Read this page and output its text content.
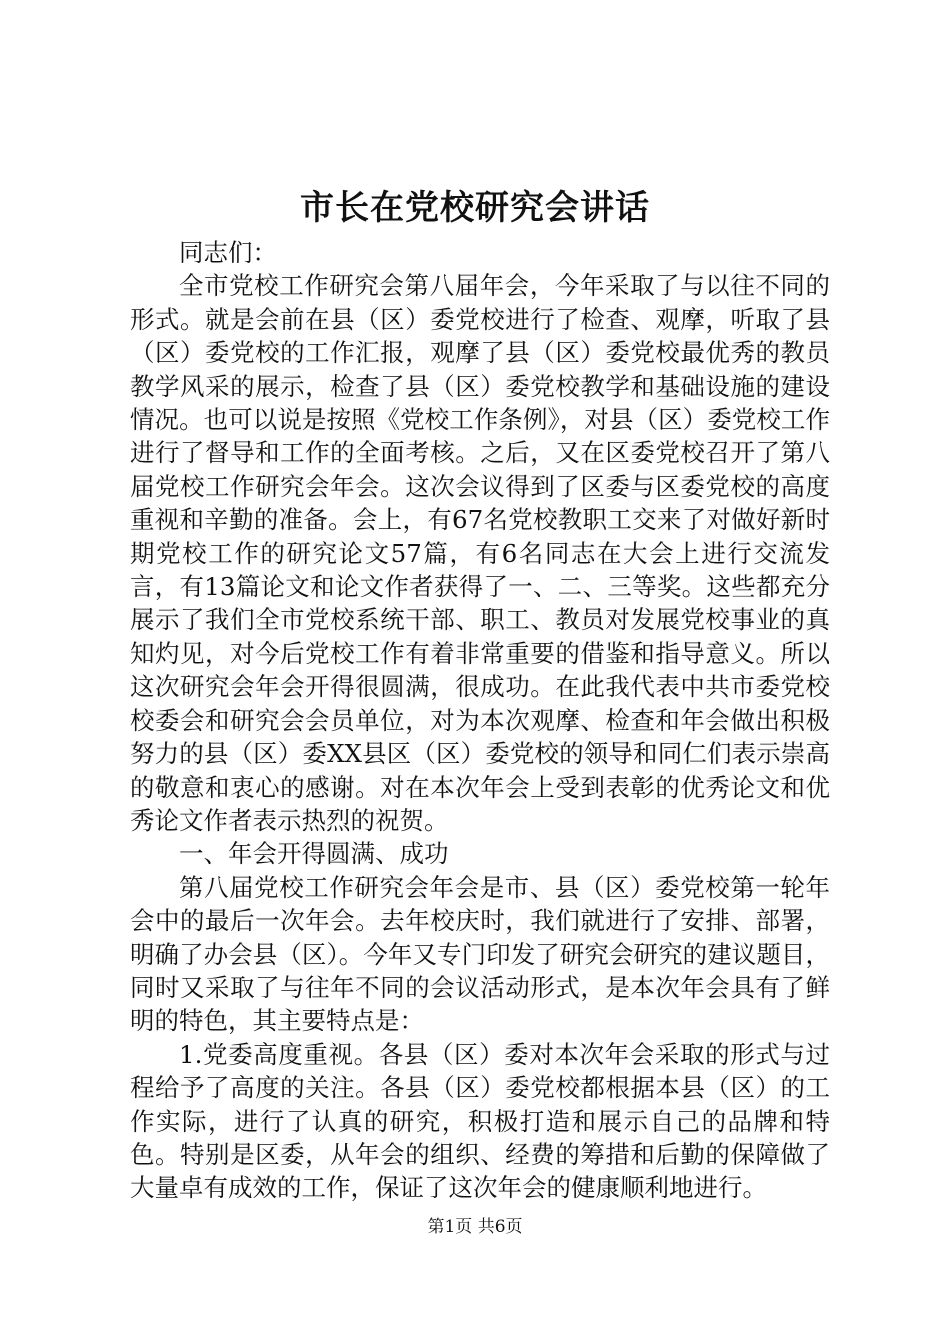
市长在党校研究会讲话

同志们：

全市党校工作研究会第八届年会，今年采取了与以往不同的形式。就是会前在县（区）委党校进行了检查、观摩，听取了县（区）委党校的工作汇报，观摩了县（区）委党校最优秀的教员教学风采的展示，检查了县（区）委党校教学和基础设施的建设情况。也可以说是按照《党校工作条例》，对县（区）委党校工作进行了督导和工作的全面考核。之后，又在区委党校召开了第八届党校工作研究会年会。这次会议得到了区委与区委党校的高度重视和辛勤的准备。会上，有67名党校教职工交来了对做好新时期党校工作的研究论文57篇，有6名同志在大会上进行交流发言，有13篇论文和论文作者获得了一、二、三等奖。这些都充分展示了我们全市党校系统干部、职工、教员对发展党校事业的真知灼见，对今后党校工作有着非常重要的借鉴和指导意义。所以这次研究会年会开得很圆满，很成功。在此我代表中共市委党校校委会和研究会会员单位，对为本次观摩、检查和年会做出积极努力的县（区）委XX县区（区）委党校的领导和同仁们表示崇高的敬意和衷心的感谢。对在本次年会上受到表彰的优秀论文和优秀论文作者表示热烈的祝贺。

一、年会开得圆满、成功

第八届党校工作研究会年会是市、县（区）委党校第一轮年会中的最后一次年会。去年校庆时，我们就进行了安排、部署，明确了办会县（区）。今年又专门印发了研究会研究的建议题目，同时又采取了与往年不同的会议活动形式，是本次年会具有了鲜明的特色，其主要特点是：

1.党委高度重视。各县（区）委对本次年会采取的形式与过程给予了高度的关注。各县（区）委党校都根据本县（区）的工作实际，进行了认真的研究，积极打造和展示自己的品牌和特色。特别是区委，从年会的组织、经费的筹措和后勤的保障做了大量卓有成效的工作，保证了这次年会的健康顺利地进行。

第1页 共6页
